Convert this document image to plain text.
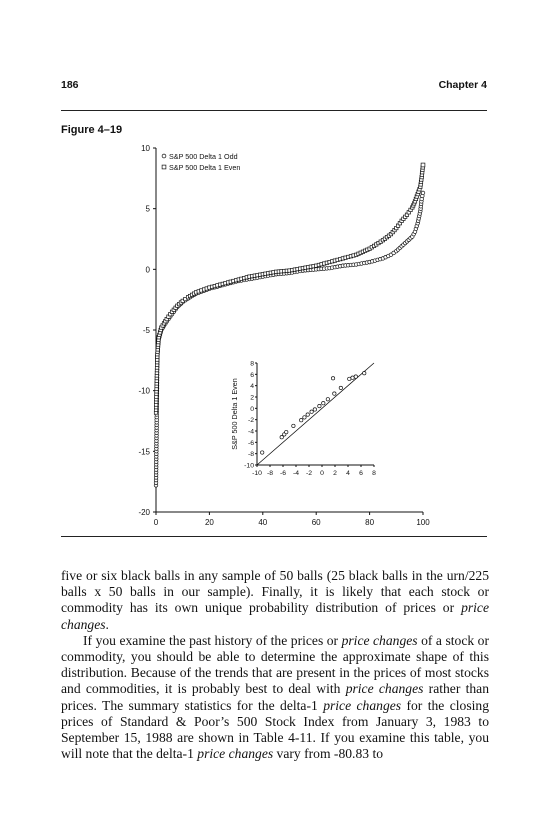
186	Chapter 4
Figure 4–19
10
5
0
-5
-10
-15
-20
0	20	40	60	80	100
S&P 500 Delta 1 Odd
S&P 500 Delta 1 Even
8
6
4
2
0
-2
-4
-6
-8
-10
-10 -8 -6 -4 -2 0 2 4 6 8
S&P 500 Delta 1 Even

five or six black balls in any sample of 50 balls (25 black balls in the urn/225 balls x 50 balls in our sample). Finally, it is likely that each stock or commodity has its own unique probability distribution of prices or price changes.

If you examine the past history of the prices or price changes of a stock or commodity, you should be able to determine the approximate shape of this distribution. Because of the trends that are present in the prices of most stocks and commodities, it is probably best to deal with price changes rather than prices. The summary statistics for the delta-1 price changes for the closing prices of Standard & Poor’s 500 Stock Index from January 3, 1983 to September 15, 1988 are shown in Table 4-11. If you examine this table, you will note that the delta-1 price changes vary from -80.83 to
